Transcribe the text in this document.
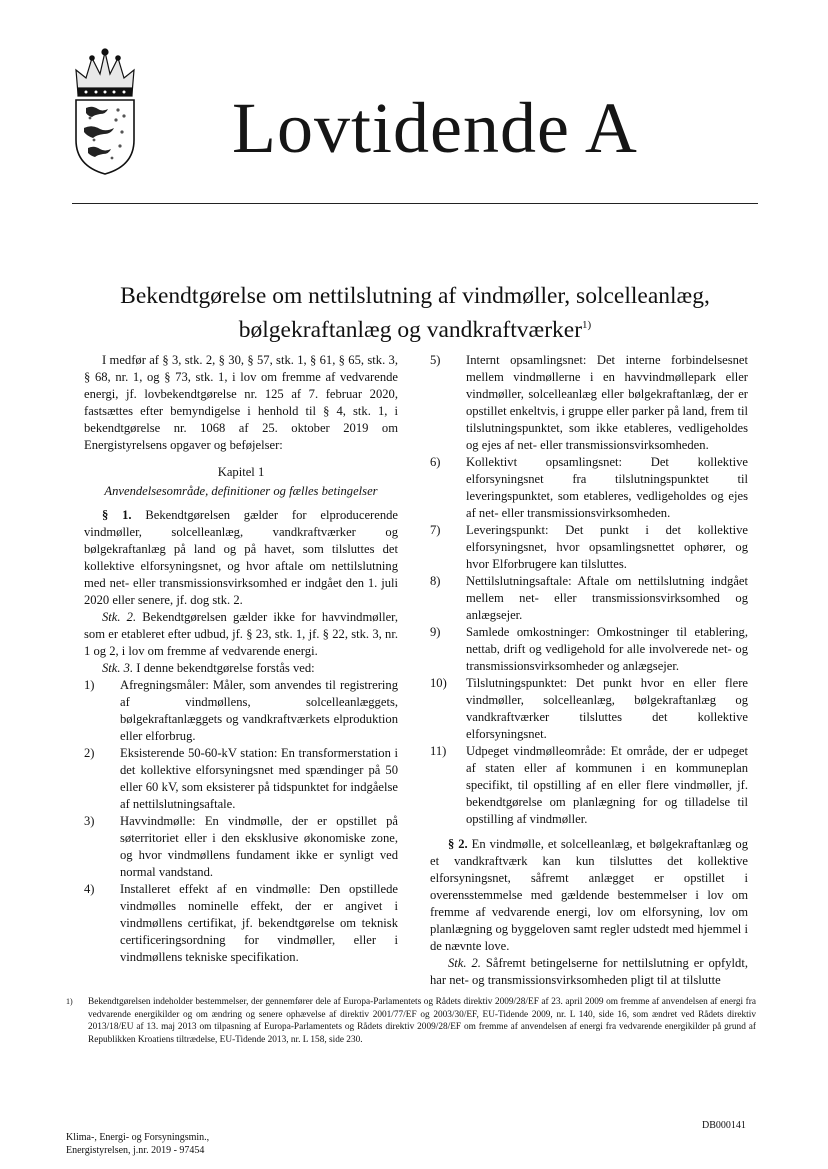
Lovtidende A
Bekendtgørelse om nettilslutning af vindmøller, solcelleanlæg, bølgekraftanlæg og vandkraftværker$^{1)}$

I medfør af § 3, stk. 2, § 30, § 57, stk. 1, § 61, § 65, stk. 3, § 68, nr. 1, og § 73, stk. 1, i lov om fremme af vedvarende energi, jf. lovbekendtgørelse nr. 125 af 7. februar 2020, fastsættes efter bemyndigelse i henhold til § 4, stk. 1, i bekendtgørelse nr. 1068 af 25. oktober 2019 om Energistyrelsens opgaver og beføjelser:

Kapitel 1

Anvendelsesområde, definitioner og fælles betingelser

§ 1. Bekendtgørelsen gælder for elproducerende vindmøller, solcelleanlæg, vandkraftværker og bølgekraftanlæg på land og på havet, som tilsluttes det kollektive elforsyningsnet, og hvor aftale om nettilslutning med net- eller transmissionsvirksomhed er indgået den 1. juli 2020 eller senere, jf. dog stk. 2.

Stk. 2. Bekendtgørelsen gælder ikke for havvindmøller, som er etableret efter udbud, jf. § 23, stk. 1, jf. § 22, stk. 3, nr. 1 og 2, i lov om fremme af vedvarende energi.

Stk. 3. I denne bekendtgørelse forstås ved:

1)	Afregningsmåler: Måler, som anvendes til registrering af vindmøllens, solcelleanlæggets, bølgekraftanlæggets og vandkraftværkets elproduktion eller elforbrug.
2)	Eksisterende 50-60-kV station: En transformerstation i det kollektive elforsyningsnet med spændinger på 50 eller 60 kV, som eksisterer på tidspunktet for indgåelse af nettilslutningsaftale.
3)	Havvindmølle: En vindmølle, der er opstillet på søterritoriet eller i den eksklusive økonomiske zone, og hvor vindmøllens fundament ikke er synligt ved normal vandstand.
4)	Installeret effekt af en vindmølle: Den opstillede vindmølles nominelle effekt, der er angivet i vindmøllens certifikat, jf. bekendtgørelse om teknisk certificeringsordning for vindmøller, eller i vindmøllens tekniske specifikation.
5)	Internt opsamlingsnet: Det interne forbindelsesnet mellem vindmøllerne i en havvindmøllepark eller vindmøller, solcelleanlæg eller bølgekraftanlæg, der er opstillet enkeltvis, i gruppe eller parker på land, frem til tilslutningspunktet, som ikke etableres, vedligeholdes og ejes af net- eller transmissionsvirksomheden.
6)	Kollektivt opsamlingsnet: Det kollektive elforsyningsnet fra tilslutningspunktet til leveringspunktet, som etableres, vedligeholdes og ejes af net- eller transmissionsvirksomheden.
7)	Leveringspunkt: Det punkt i det kollektive elforsyningsnet, hvor opsamlingsnettet ophører, og hvor Elforbrugere kan tilsluttes.
8)	Nettilslutningsaftale: Aftale om nettilslutning indgået mellem net- eller transmissionsvirksomhed og anlægsejer.
9)	Samlede omkostninger: Omkostninger til etablering, nettab, drift og vedligehold for alle involverede net- og transmissionsvirksomheder og anlægsejer.
10)	Tilslutningspunktet: Det punkt hvor en eller flere vindmøller, solcelleanlæg, bølgekraftanlæg og vandkraftværker tilsluttes det kollektive elforsyningsnet.
11)	Udpeget vindmølleområde: Et område, der er udpeget af staten eller af kommunen i en kommuneplan specifikt, til opstilling af en eller flere vindmøller, jf. bekendtgørelse om planlægning for og tilladelse til opstilling af vindmøller.

§ 2. En vindmølle, et solcelleanlæg, et bølgekraftanlæg og et vandkraftværk kan kun tilsluttes det kollektive elforsyningsnet, såfremt anlægget er opstillet i overensstemmelse med gældende bestemmelser i lov om fremme af vedvarende energi, lov om elforsyning, lov om planlægning og byggeloven samt regler udstedt med hjemmel i de nævnte love.

Stk. 2. Såfremt betingelserne for nettilslutning er opfyldt, har net- og transmissionsvirksomheden pligt til at tilslutte

1)	Bekendtgørelsen indeholder bestemmelser, der gennemfører dele af Europa-Parlamentets og Rådets direktiv 2009/28/EF af 23. april 2009 om fremme af anvendelsen af energi fra vedvarende energikilder og om ændring og senere ophævelse af direktiv 2001/77/EF og 2003/30/EF, EU-Tidende 2009, nr. L 140, side 16, som ændret ved Rådets direktiv 2013/18/EU af 13. maj 2013 om tilpasning af Europa-Parlamentets og Rådets direktiv 2009/28/EF om fremme af anvendelsen af energi fra vedvarende energikilder på grund af Republikken Kroatiens tiltrædelse, EU-Tidende 2013, nr. L 158, side 230.
DB000141
Klima-, Energi- og Forsyningsmin.,
Energistyrelsen, j.nr. 2019 - 97454
